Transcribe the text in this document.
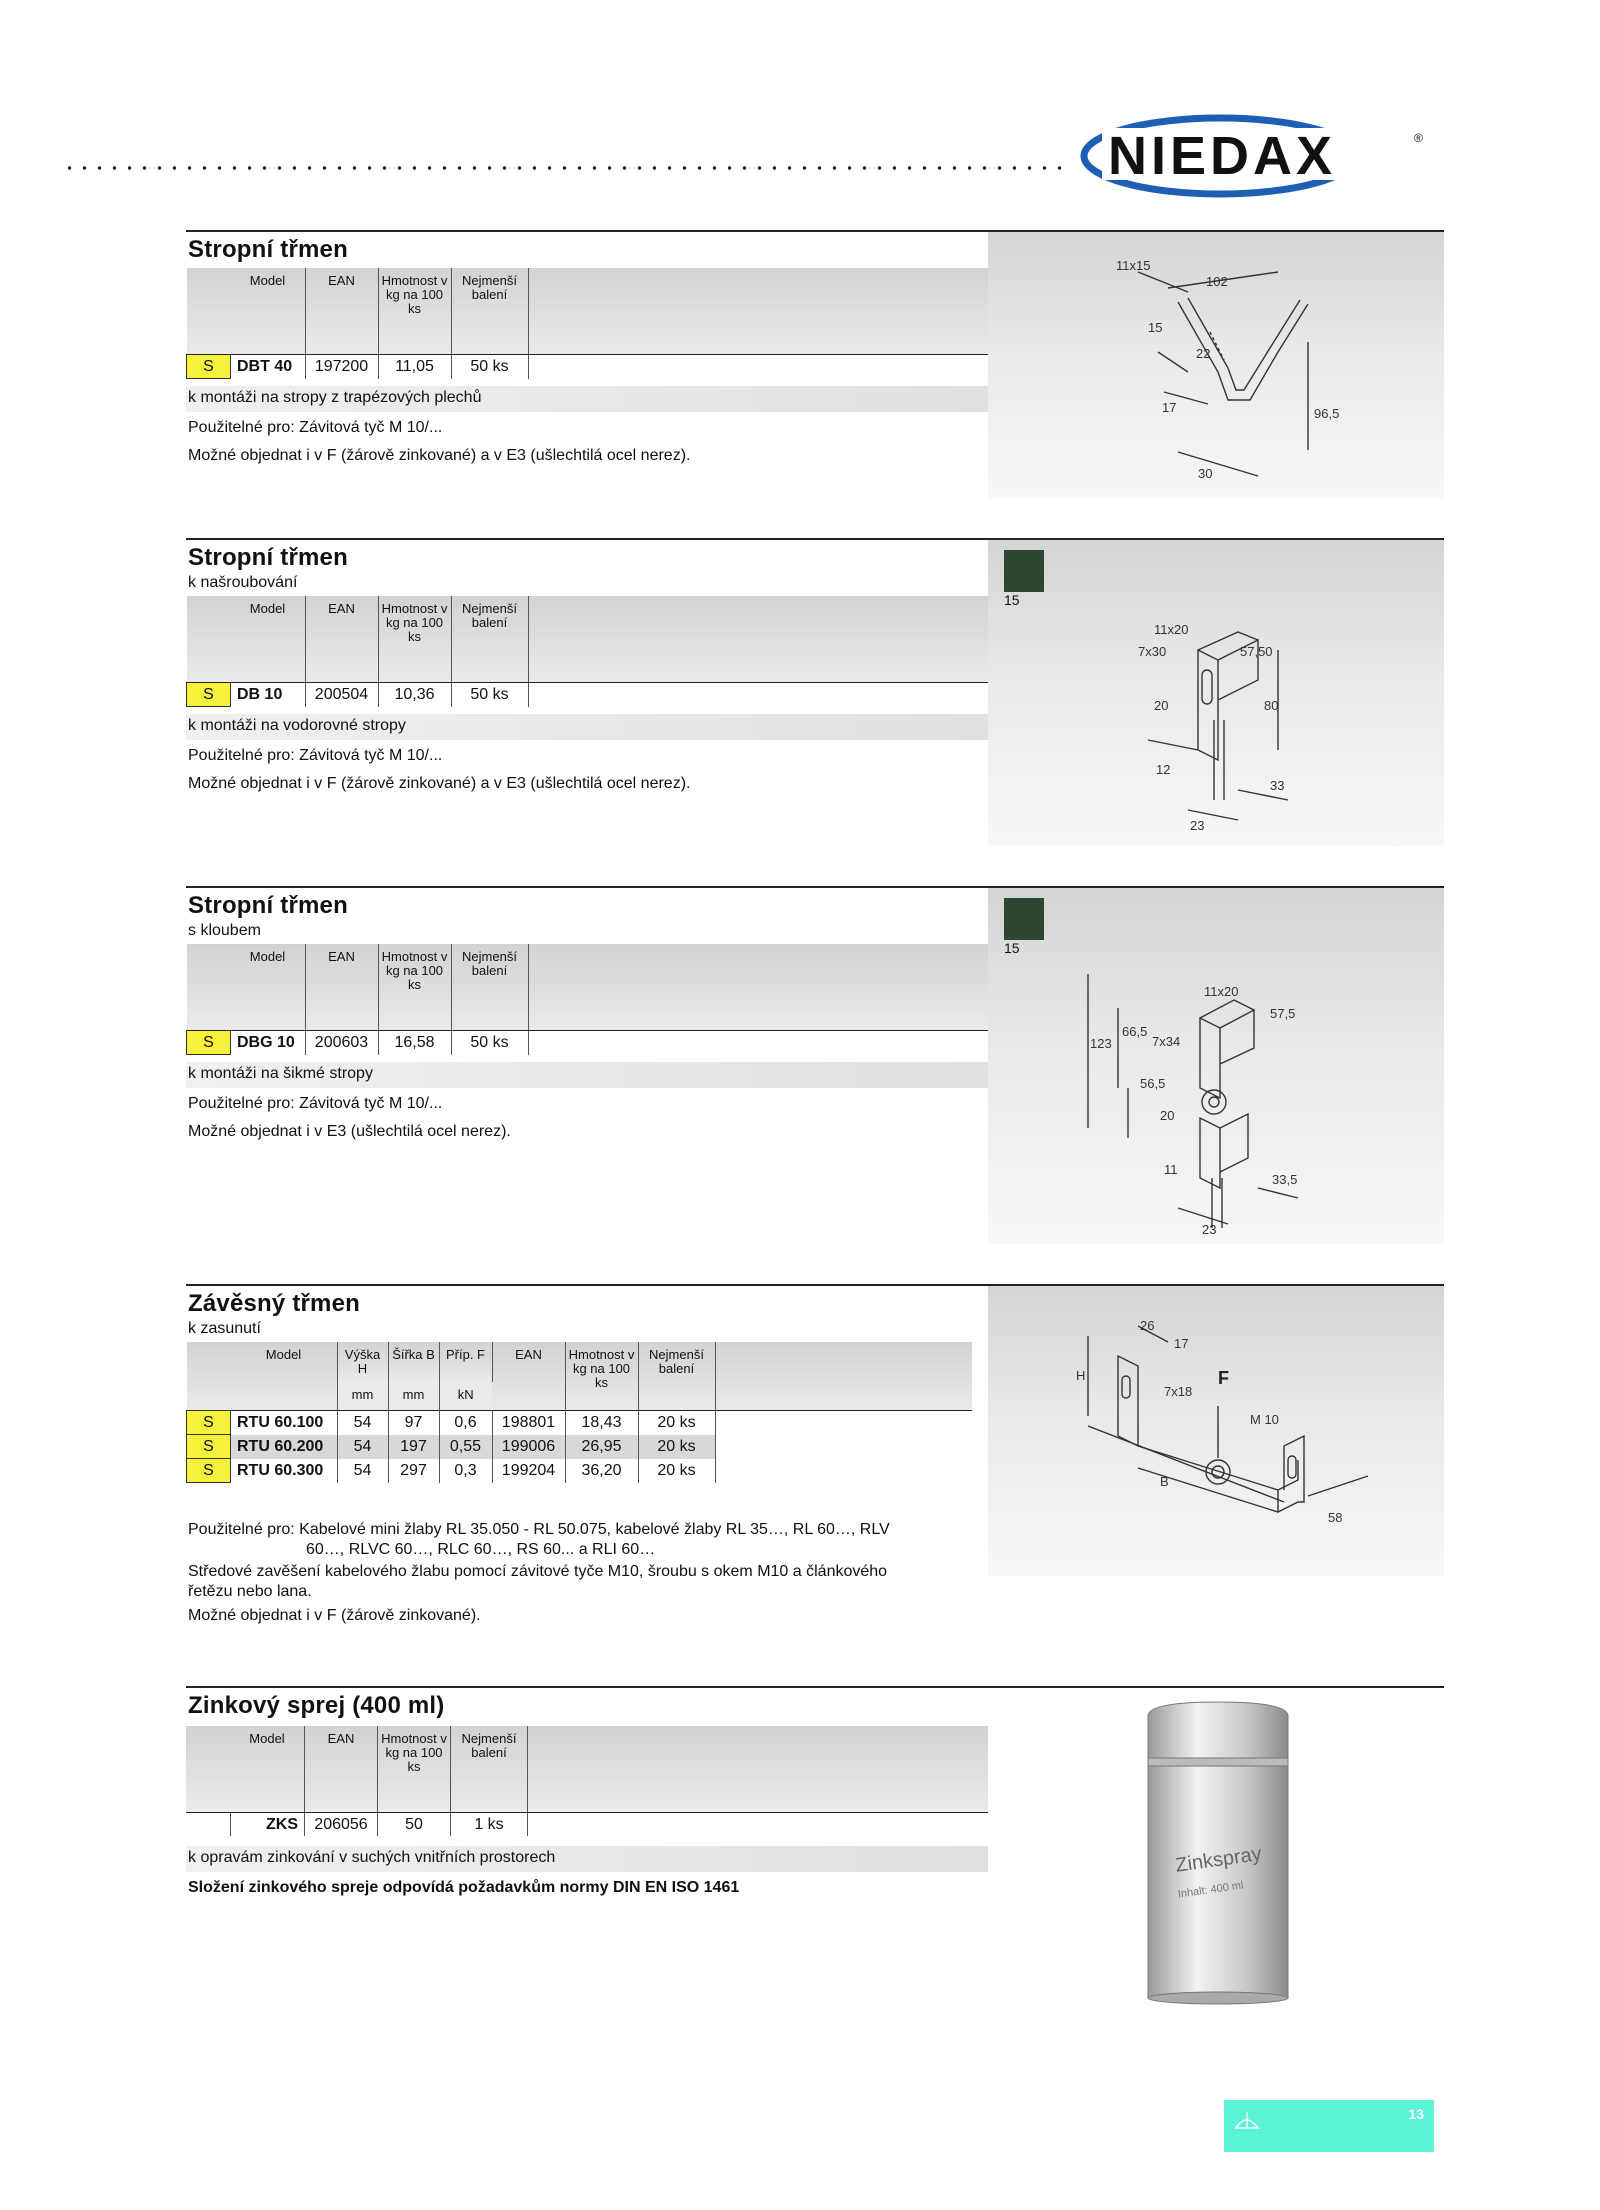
NIEDAX	®
Stropní třmen
	Model	EAN	Hmotnost v kg na 100 ks	Nejmenší balení	
S	DBT 40	197200	11,05	50 ks	
k montáži na stropy z trapézových plechů
Použitelné pro: Závitová tyč M 10/...
Možné objednat i v F (žárově zinkované) a v E3 (ušlechtilá ocel nerez).
11x15
102
15
22
17	96,5
30
Stropní třmen
k našroubování
	Model	EAN	Hmotnost v kg na 100 ks	Nejmenší balení	
S	DB 10	200504	10,36	50 ks	
k montáži na vodorovné stropy
Použitelné pro: Závitová tyč M 10/...
Možné objednat i v F (žárově zinkované) a v E3 (ušlechtilá ocel nerez).
15
11x20
7x30	57,50
20	80
12
33
23
Stropní třmen
s kloubem
	Model	EAN	Hmotnost v kg na 100 ks	Nejmenší balení	
S	DBG 10	200603	16,58	50 ks	
k montáži na šikmé stropy
Použitelné pro: Závitová tyč M 10/...
Možné objednat i v E3 (ušlechtilá ocel nerez).
15
11x20
57,5
66,5
123	7x34
56,5
20
11
33,5
23
Závěsný třmen
k zasunutí
	Model	Výška H	Šířka B	Příp. F	EAN	Hmotnost v kg na 100 ks	Nejmenší balení	
		mm	mm	kN				
S	RTU 60.100	54	97	0,6	198801	18,43	20 ks	
S	RTU 60.200	54	197	0,55	199006	26,95	20 ks	
S	RTU 60.300	54	297	0,3	199204	36,20	20 ks	
Použitelné pro: Kabelové mini žlaby RL 35.050 - RL 50.075, kabelové žlaby RL 35…, RL 60…, RLV
60…, RLVC 60…, RLC 60…, RS 60... a RLI 60…
Středové zavěšení kabelového žlabu pomocí závitové tyče M10, šroubu s okem M10 a článkového
řetězu nebo lana.
Možné objednat i v F (žárově zinkované).
26
17
H
7x18
F
M 10
B
58
Zinkový sprej (400 ml)
	Model	EAN	Hmotnost v kg na 100 ks	Nejmenší balení	
	ZKS	206056	50	1 ks	
k opravám zinkování v suchých vnitřních prostorech
Složení zinkového spreje odpovídá požadavkům normy DIN EN ISO 1461
Zinkspray
Inhalt: 400 ml
13
